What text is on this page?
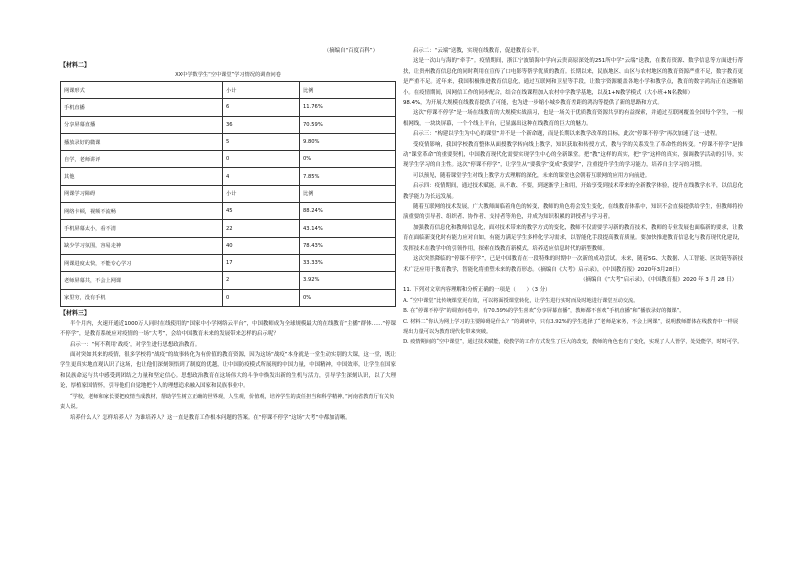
（摘编自“百度百科”）
【材料二】
XX中学数学生“空中课堂”学习情况的调查问卷
网课形式	小计	比例
手机直播	6	11.76%
分享屏幕直播	36	70.59%
播放录好的微课	5	9.80%
自学，老师讲评	0	0%
其他	4	7.85%
网课学习障碍	小计	比例
网络卡顿，视频不流畅	45	88.24%
手机屏幕太小，看不清	22	43.14%
缺少学习氛围，容易走神	40	78.43%
网课进度太快，不能专心学习	17	33.33%
老师屏幕共，不会上网课	2	3.92%
家里穷，没有手机	0	0%
【材料三】

半个月内，火速开通近1000万人同时在线使用的“国家中小学网络云平台”，中国教师成为全球规模最大的在线教育“主播”群体……“停课不停学”，是教育系统应对疫情的一场“大考”，会给中国教育未来的发展带来怎样的启示呢？

启示一：“何不利用‘战疫’，对学生进行思想政治教育。

面对突如其来的疫情，很多学校将“战疫”的故事转化为有价值的教育资源，因为这场“战疫”本身就是一堂生动实别的大课，这一堂，既让学生更真实地直观认识了这场，也让他们深刻领悟到了制度的优越，让中国防疫模式所展现的中国力量，中国精神，中国效率，让学生在国家和民族命运与共中感受到团结之力量和坚定信心。思想政治教育在这场伟大的斗争中焕发出新的生机与活力，引导学生深刻认识，以了大理论，厚植家国情怀，引导他们自觉地把个人的理想追求融入国家和民族事业中。

“学校，老师和家长要把疫情当成教材，帮助学生树立正确的世界观，人生观，价值观，培养学生的责任担当和科学精神。”河南省教育厅有关负责人说。

培养什么人？怎样培养人？为谁培养人？这一直是教育工作根本问题的答案。在“停课不停学”这场“大考”中都加清晰。

启示二：“云端”送教，实现在线教育，促进教育公平。

这是一次山与海的“牵手”。疫情期间，浙江宁波镇海中学向云贵高原深处的251所中学“云端”送教，在教育资源、数学信息等方面进行帮扶，让贵州教育信息化的同时利用在宣传了口电影等帮学优质的教育。长期以来，民族地区、山区与农村地区的教育资源严重不足，数字教育更是严重不足。近年来，我国积极推进教育信息化，通过互联网和卫星等手段，让数字资源覆盖各地小学和教学点，教育的数字鸿沟正在逐渐缩小。在疫情期间，因网信工作的同步配合，结合在线课程加入农村中学教学基地，以及1+N教学模式（大小班+N名教师）

98.4%，为开展大规模在线教育提供了可能，也为进一步缩小城乡教育差距的鸿沟等提供了新的思路和方式。

这次“停课不停学”是一场在线教育的大规模实战演习，也是一场关于优质教育资源共享的有益探索，并通过互联网覆盖全国每个学生，一根根网线，一块块屏幕，一个个线上平台，已显露出这种在线教育的巨大的魅力。

启示三：“构建以学生为中心的课堂”并不是一个新命题，而是长期以来教学改革的目标，此次“停课不停学”再次加速了这一进程。

受疫情影响，我国学校教育整体从面授教学转向线上教学，知识获取和传授方式，教与学的关系发生了革命性的转变。“停课不停学”是推动“课堂革命”的重要契机，中国教育现代化需要实现学生中心的全新课堂。把“教”这样的真实，把“学”这样的真实，强调教学活动的引导，实现学生学习的自主性。这次“停课不停学”，让学生从“要我学”变成“我要学”，注重提升学生的学习能力，培养自主学习的习惯。

可以预见，随着课堂学生对线上教学方式理解的深化，未来的课堂也会朝着互联网的应用方向前进。

启示四：疫情期间，通过技术赋能，从不敢、不要，到逐渐学上和用，开始享受到技术带来的全新教学体验，提升在线教学水平，以信息化教学能力为长远发展。

随着互联网的技术发展，广大教师面临着角色的转变，教师的角色将会发生变化，在线教育体系中，知识不会直接提供给学生，但教师将扮演重要的引导者、组织者、协作者、支持者等角色，并成为知识积累的讲授者与学习者。

加强教育信息化和教师信息化，面对技术带来的教学方式的变化，教师不仅需要学习新的教育技术，教师的专业发展也面临新的要求，让教育在面临新变化时有能力应对自如，有能力满足学生多样化学习需求，以智能化手段提高教育质量。要加快推进教育信息化与教育现代化建设，发挥技术在教学中的引领作用，探索在线教育新模式，培养适应信息时代的新型教师。

这次突然降临的“停课不停学”，已是中国教育在一段特殊的时期中一次新的成功尝试。未来，随着5G、大数据、人工智能、区块链等新技术广泛应用于教育教学，智能化将重塑未来的教育形态。（摘编自《大考》启示录》，《中国教育报》2020年3月28日）

（摘编自《“大考”启示录》，《中国教育报》2020 年 3 月 28 日）

11. 下列对文章内容理解和分析正确的一项是（　　）（3 分）

A. “空中课堂”比传统课堂更有效，可以将面授课堂转化，让学生进行实时而及时地进行课堂互动交流。

B. 在“停课不停学”的调查问卷中，有70.59%的学生喜欢“分享屏幕直播”，教师都不喜欢“手机直播”和“播放录好的微课”。

C. 材料二“你认为网上学习的主要障碍是什么？”的调研中，只有3.92%的学生选择了“老师是家务，不会上网课”，说明教师群体在线教育中一样展现出力量可以为教育现代化带来突破。

D. 疫情期间的“空中课堂”，通过技术赋能，使教学的工作方式发生了巨大的改变，教师的角色也有了变化，实现了人人皆学，处处能学，时时可学。
